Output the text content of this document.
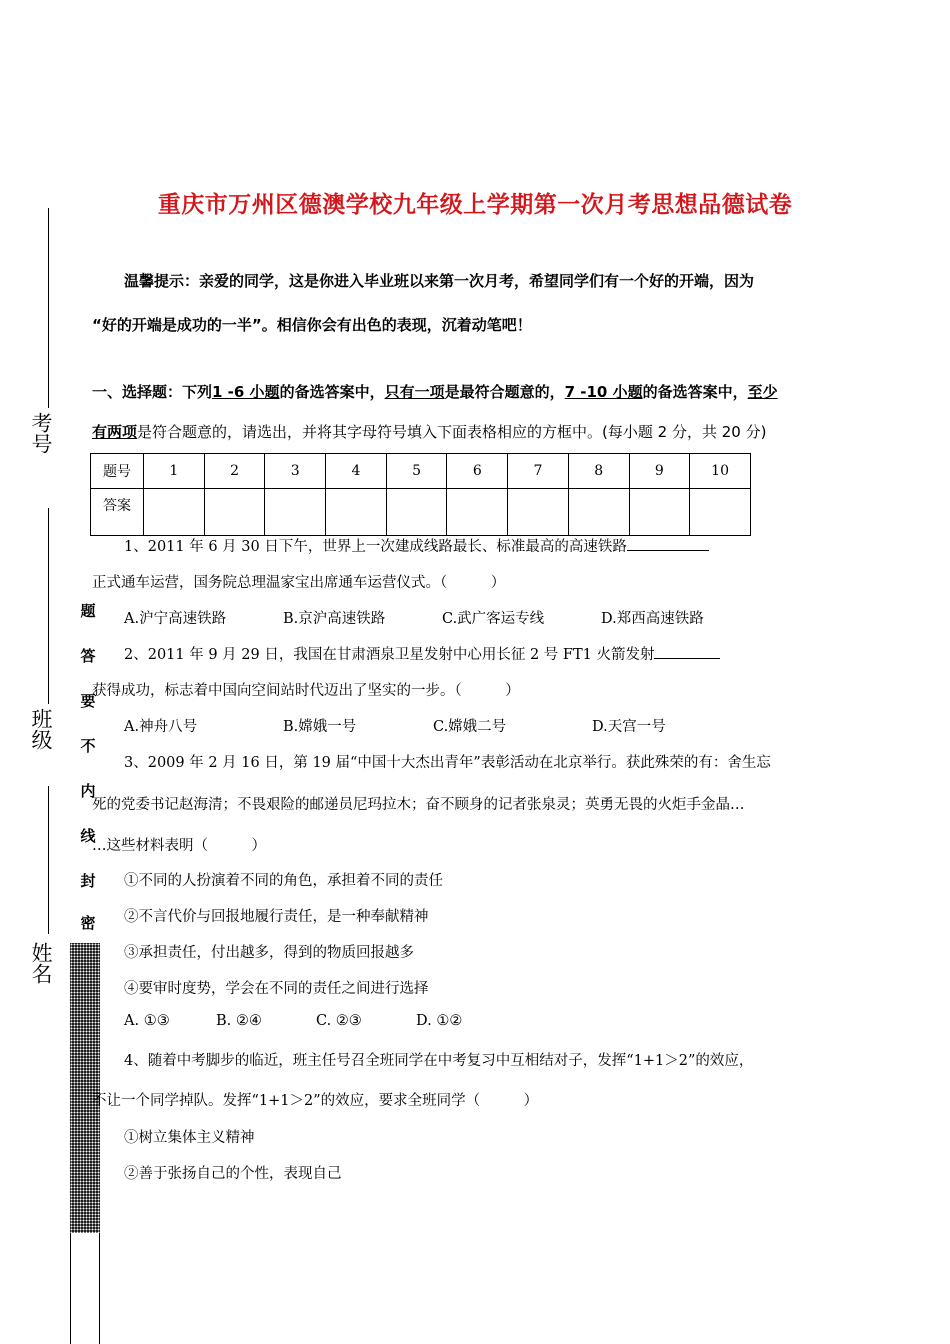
考号
班级
姓名
题
答
要
不
内
线
封
密
重庆市万州区德澳学校九年级上学期第一次月考思想品德试卷
温馨提示：亲爱的同学，这是你进入毕业班以来第一次月考，希望同学们有一个好的开端，因为
“好的开端是成功的一半”。相信你会有出色的表现，沉着动笔吧！
一、选择题：下列1 -6 小题的备选答案中，只有一项是最符合题意的，7 -10 小题的备选答案中，至少
有两项是符合题意的，请选出，并将其字母符号填入下面表格相应的方框中。(每小题 2 分，共 20 分)
题号	1	2	3	4	5	6	7	8	9	10
答案										
1、2011 年 6 月 30 日下午，世界上一次建成线路最长、标准最高的高速铁路
正式通车运营，国务院总理温家宝出席通车运营仪式。（　　　）
A.沪宁高速铁路	B.京沪高速铁路	C.武广客运专线	D.郑西高速铁路
2、2011 年 9 月 29 日，我国在甘肃酒泉卫星发射中心用长征 2 号 FT1 火箭发射
获得成功，标志着中国向空间站时代迈出了坚实的一步。（　　　）
A.神舟八号	B.嫦娥一号	C.嫦娥二号	D.天宫一号
3、2009 年 2 月 16 日，第 19 届“中国十大杰出青年”表彰活动在北京举行。获此殊荣的有：舍生忘
死的党委书记赵海清；不畏艰险的邮递员尼玛拉木；奋不顾身的记者张泉灵；英勇无畏的火炬手金晶…
…这些材料表明（　　　）
①不同的人扮演着不同的角色，承担着不同的责任
②不言代价与回报地履行责任，是一种奉献精神
③承担责任，付出越多，得到的物质回报越多
④要审时度势，学会在不同的责任之间进行选择
A. ①③	B. ②④	C. ②③	D. ①②
4、随着中考脚步的临近，班主任号召全班同学在中考复习中互相结对子，发挥“1+1＞2”的效应，
不让一个同学掉队。发挥“1+1＞2”的效应，要求全班同学（　　　）
①树立集体主义精神
②善于张扬自己的个性，表现自己
